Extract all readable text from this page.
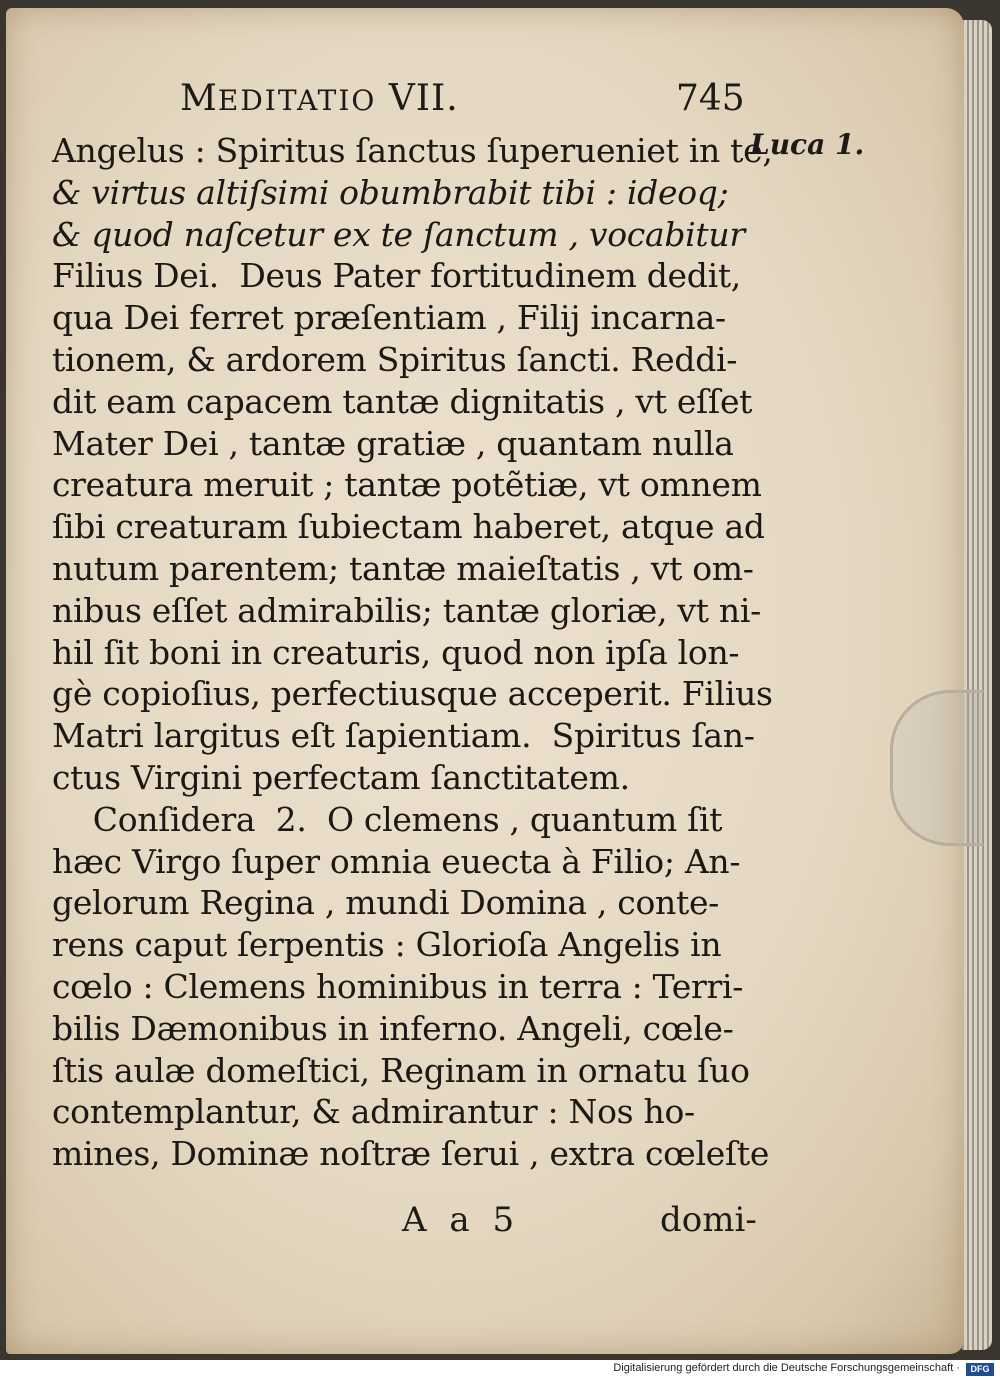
MEDITATIO VII.	745
Luca 1.
Angelus : Spiritus ſanctus ſuperueniet in te,
& virtus altiſsimi obumbrabit tibi : ideoq;
& quod naſcetur ex te ſanctum , vocabitur
Filius Dei.  Deus Pater fortitudinem dedit,
qua Dei ferret præſentiam , Filij incarna-
tionem, & ardorem Spiritus ſancti. Reddi-
dit eam capacem tantæ dignitatis , vt eſſet
Mater Dei , tantæ gratiæ , quantam nulla
creatura meruit ; tantæ potẽtiæ, vt omnem
ſibi creaturam ſubiectam haberet, atque ad
nutum parentem; tantæ maieſtatis , vt om-
nibus eſſet admirabilis; tantæ gloriæ, vt ni-
hil ſit boni in creaturis, quod non ipſa lon-
gè copioſius, perfectiusque acceperit. Filius
Matri largitus eſt ſapientiam.  Spiritus ſan-
ctus Virgini perfectam ſanctitatem.
Conſidera  2.  O clemens , quantum ſit
hæc Virgo ſuper omnia euecta à Filio; An-
gelorum Regina , mundi Domina , conte-
rens caput ſerpentis : Glorioſa Angelis in
cœlo : Clemens hominibus in terra : Terri-
bilis Dæmonibus in inferno. Angeli, cœle-
ſtis aulæ domeſtici, Reginam in ornatu ſuo
contemplantur, & admirantur : Nos ho-
mines, Dominæ noſtræ ſerui , extra cœleſte
A a 5	domi-
Digitalisierung gefördert durch die Deutsche Forschungsgemeinschaft ·	DFG
